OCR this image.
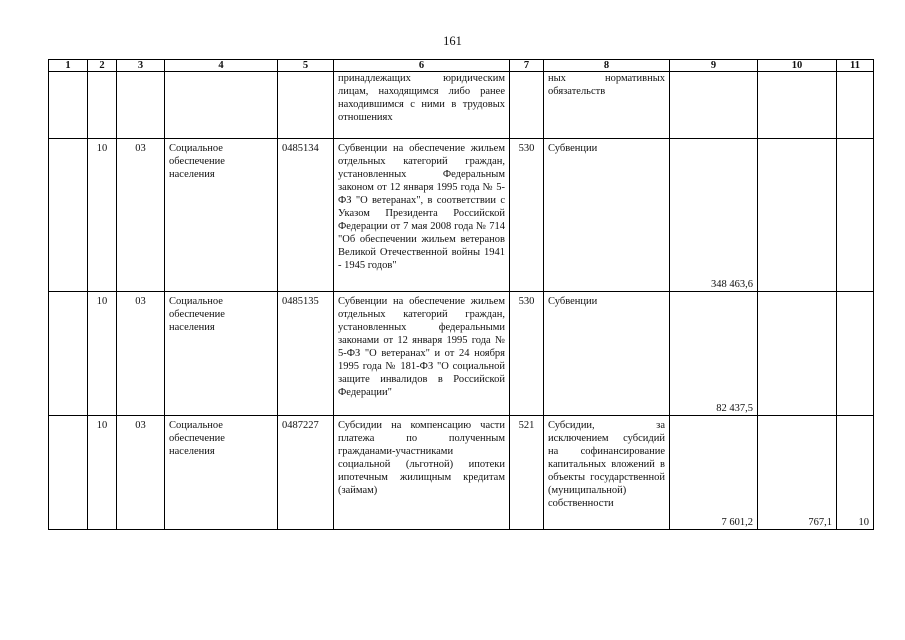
161
1	2	3	4	5	6	7	8	9	10	11
					принадлежащих юридическим лицам, находящимся либо ранее находившимся с ними в трудовых отношениях		ных нормативных обязательств			
	10	03	Социальное обеспечение населения	0485134	Субвенции на обеспечение жильем отдельных категорий граждан, установленных Федеральным законом от 12 января 1995 года № 5-ФЗ "О ветеранах", в соответствии с Указом Президента Российской Федерации от 7 мая 2008 года № 714 "Об обеспечении жильем ветеранов Великой Отечественной войны 1941 - 1945 годов"	530	Субвенции	348 463,6		
	10	03	Социальное обеспечение населения	0485135	Субвенции на обеспечение жильем отдельных категорий граждан, установленных федеральными законами от 12 января 1995 года № 5-ФЗ "О ветеранах" и от 24 ноября 1995 года № 181-ФЗ "О социальной защите инвалидов в Российской Федерации"	530	Субвенции	82 437,5		
	10	03	Социальное обеспечение населения	0487227	Субсидии на компенсацию части платежа по полученным гражданами-участниками социальной (льготной) ипотеки ипотечным жилищным кредитам (займам)	521	Субсидии, за исключением субсидий на софинансирование капитальных вложений в объекты государственной (муниципальной) собственности	7 601,2	767,1	10
